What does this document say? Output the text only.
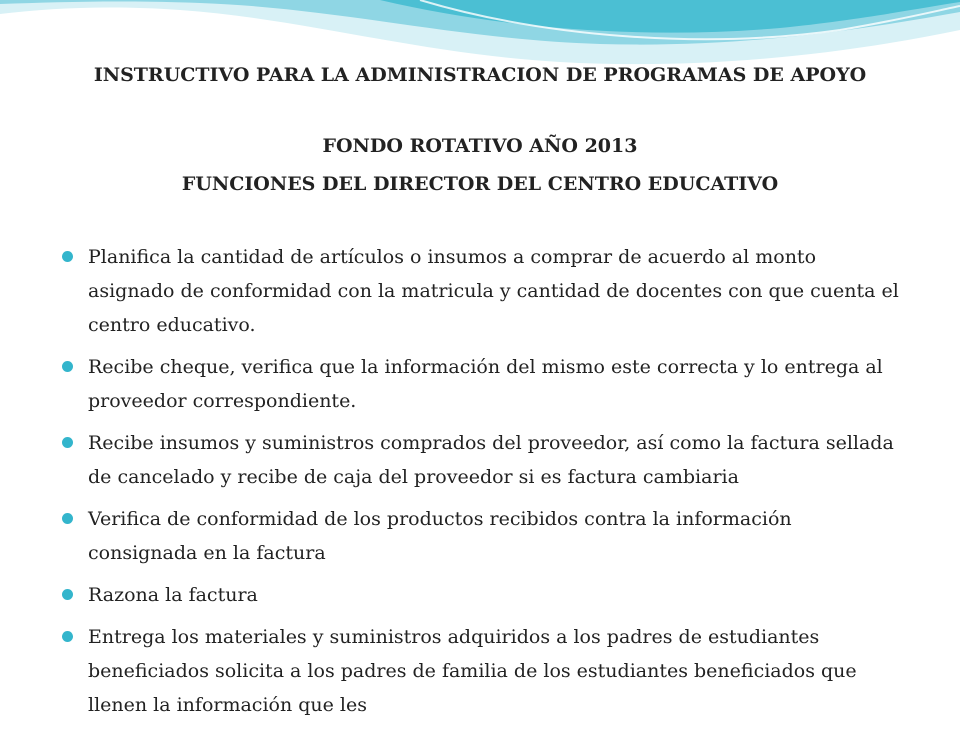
INSTRUCTIVO PARA LA ADMINISTRACION DE PROGRAMAS DE APOYO
FONDO ROTATIVO AÑO 2013
FUNCIONES DEL DIRECTOR DEL CENTRO EDUCATIVO
Planifica la cantidad de artículos o insumos a comprar de acuerdo al monto asignado de conformidad con la matricula y cantidad de docentes con que cuenta el centro educativo.
Recibe cheque, verifica que la información del mismo este correcta y lo entrega al proveedor correspondiente.
Recibe insumos y suministros comprados del proveedor, así como la factura sellada de cancelado y recibe de caja del proveedor si es factura cambiaria
Verifica de conformidad de los productos recibidos contra la información consignada en la factura
Razona la factura
Entrega los materiales y suministros adquiridos a los padres de estudiantes beneficiados solicita a los padres de familia de los estudiantes beneficiados que llenen la información que les
